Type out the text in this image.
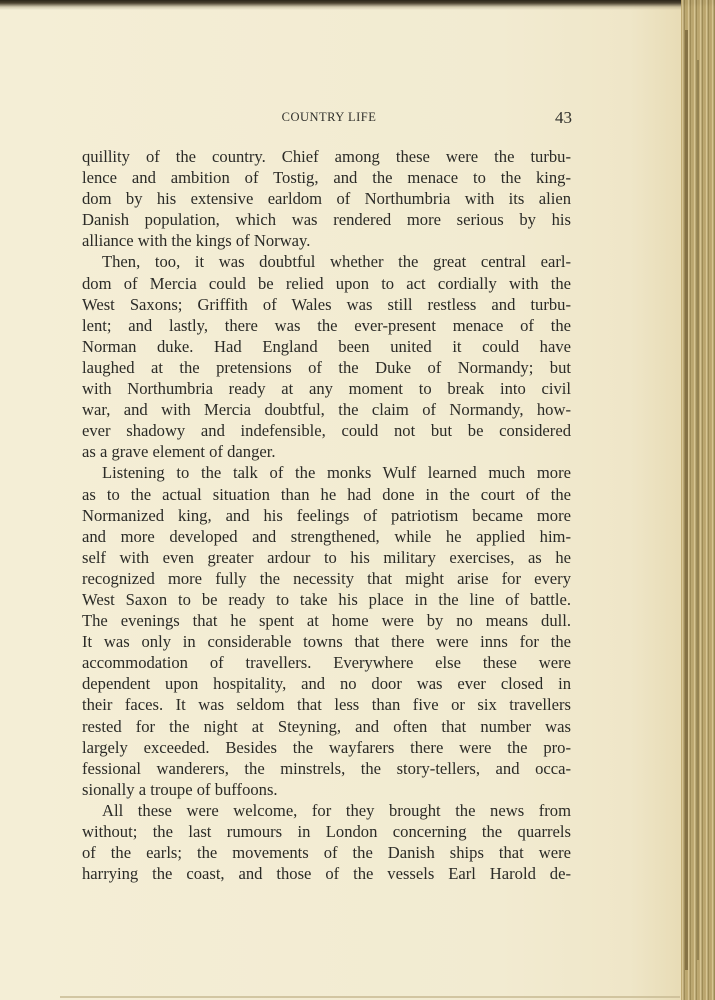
COUNTRY LIFE	43
quillity of the country. Chief among these were the turbu-
lence and ambition of Tostig, and the menace to the king-
dom by his extensive earldom of Northumbria with its alien
Danish population, which was rendered more serious by his
alliance with the kings of Norway.
Then, too, it was doubtful whether the great central earl-
dom of Mercia could be relied upon to act cordially with the
West Saxons; Griffith of Wales was still restless and turbu-
lent; and lastly, there was the ever-present menace of the
Norman duke. Had England been united it could have
laughed at the pretensions of the Duke of Normandy; but
with Northumbria ready at any moment to break into civil
war, and with Mercia doubtful, the claim of Normandy, how-
ever shadowy and indefensible, could not but be considered
as a grave element of danger.
Listening to the talk of the monks Wulf learned much more
as to the actual situation than he had done in the court of the
Normanized king, and his feelings of patriotism became more
and more developed and strengthened, while he applied him-
self with even greater ardour to his military exercises, as he
recognized more fully the necessity that might arise for every
West Saxon to be ready to take his place in the line of battle.
The evenings that he spent at home were by no means dull.
It was only in considerable towns that there were inns for the
accommodation of travellers. Everywhere else these were
dependent upon hospitality, and no door was ever closed in
their faces. It was seldom that less than five or six travellers
rested for the night at Steyning, and often that number was
largely exceeded. Besides the wayfarers there were the pro-
fessional wanderers, the minstrels, the story-tellers, and occa-
sionally a troupe of buffoons.
All these were welcome, for they brought the news from
without; the last rumours in London concerning the quarrels
of the earls; the movements of the Danish ships that were
harrying the coast, and those of the vessels Earl Harold de-
